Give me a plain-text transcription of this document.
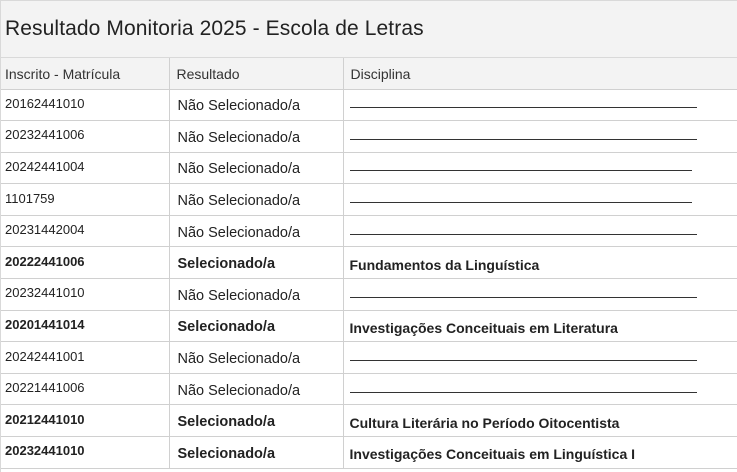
Resultado Monitoria 2025 - Escola de Letras
Inscrito - Matrícula	Resultado	Disciplina
20162441010	Não Selecionado/a	
20232441006	Não Selecionado/a	
20242441004	Não Selecionado/a	
1101759	Não Selecionado/a	
20231442004	Não Selecionado/a	
20222441006	Selecionado/a	Fundamentos da Linguística
20232441010	Não Selecionado/a	
20201441014	Selecionado/a	Investigações Conceituais em Literatura
20242441001	Não Selecionado/a	
20221441006	Não Selecionado/a	
20212441010	Selecionado/a	Cultura Literária no Período Oitocentista
20232441010	Selecionado/a	Investigações Conceituais em Linguística I
